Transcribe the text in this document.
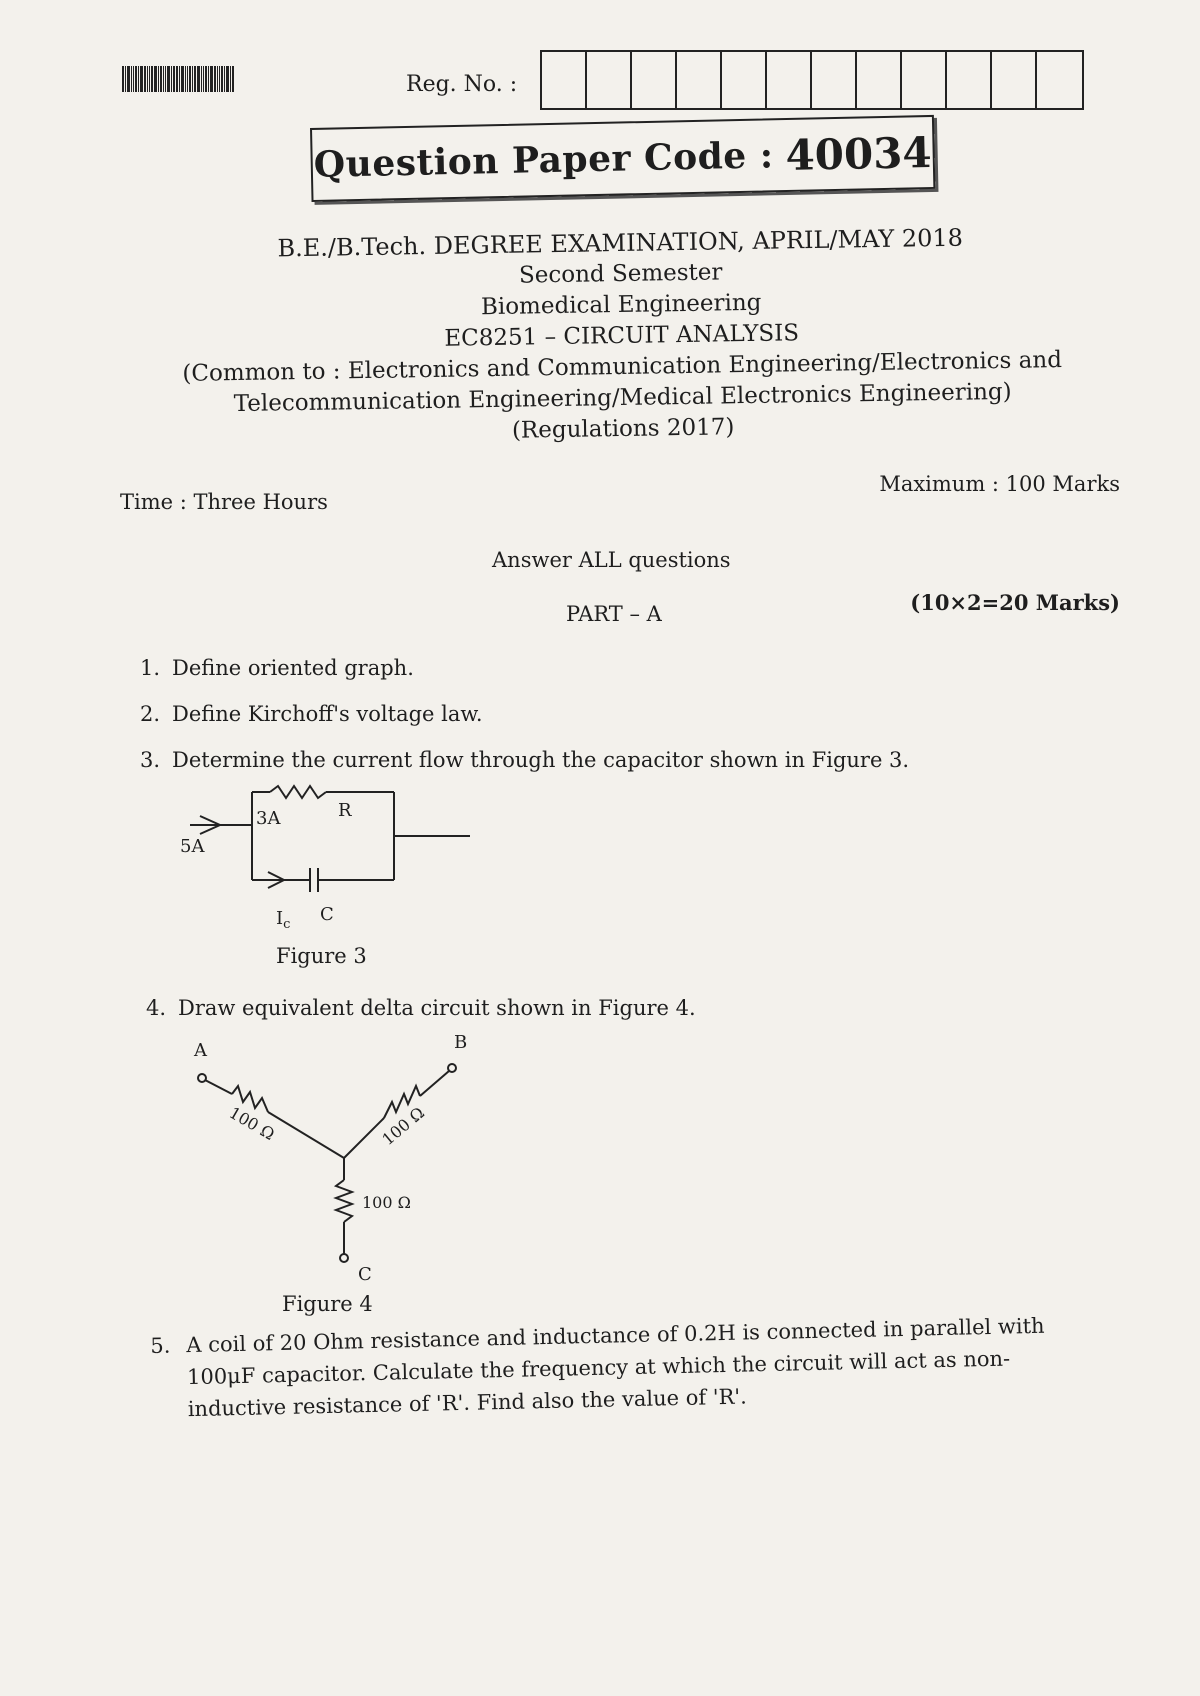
Reg. No. :
Question Paper Code : 40034
B.E./B.Tech. DEGREE EXAMINATION, APRIL/MAY 2018
Second Semester
Biomedical Engineering
EC8251 – CIRCUIT ANALYSIS
(Common to : Electronics and Communication Engineering/Electronics and
Telecommunication Engineering/Medical Electronics Engineering)
(Regulations 2017)
Time : Three Hours
Maximum : 100 Marks
Answer ALL questions
PART – A	(10×2=20 Marks)
1. Define oriented graph.
2. Define Kirchoff's voltage law.
3. Determine the current flow through the capacitor shown in Figure 3.
5A
3A	R
$I_c$ C
Figure 3
4. Draw equivalent delta circuit shown in Figure 4.
A	B
C
100 Ω	100 Ω
100 Ω
Figure 4
5. A coil of 20 Ohm resistance and inductance of 0.2H is connected in parallel with 100μF capacitor. Calculate the frequency at which the circuit will act as non-inductive resistance of 'R'. Find also the value of 'R'.
